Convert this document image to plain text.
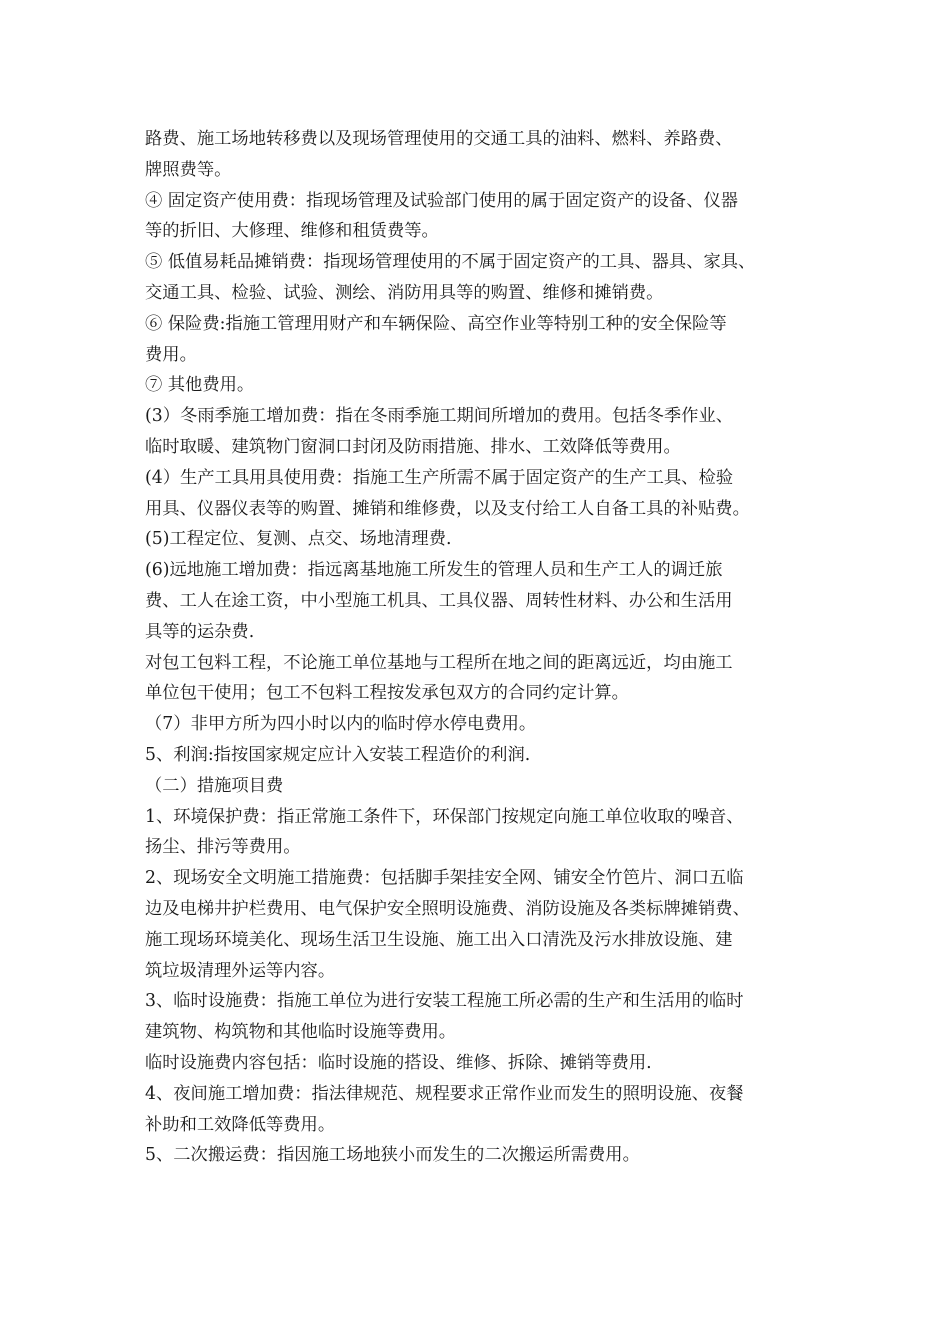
路费、施工场地转移费以及现场管理使用的交通工具的油料、燃料、养路费、
牌照费等。
④ 固定资产使用费：指现场管理及试验部门使用的属于固定资产的设备、仪器
等的折旧、大修理、维修和租赁费等。
⑤ 低值易耗品摊销费：指现场管理使用的不属于固定资产的工具、器具、家具、
交通工具、检验、试验、测绘、消防用具等的购置、维修和摊销费。
⑥ 保险费:指施工管理用财产和车辆保险、高空作业等特别工种的安全保险等
费用。
⑦ 其他费用。
(3）冬雨季施工增加费：指在冬雨季施工期间所增加的费用。包括冬季作业、
临时取暖、建筑物门窗洞口封闭及防雨措施、排水、工效降低等费用。
(4）生产工具用具使用费：指施工生产所需不属于固定资产的生产工具、检验
用具、仪器仪表等的购置、摊销和维修费，以及支付给工人自备工具的补贴费。
(5)工程定位、复测、点交、场地清理费.
(6)远地施工增加费：指远离基地施工所发生的管理人员和生产工人的调迁旅
费、工人在途工资，中小型施工机具、工具仪器、周转性材料、办公和生活用
具等的运杂费.
对包工包料工程，不论施工单位基地与工程所在地之间的距离远近，均由施工
单位包干使用；包工不包料工程按发承包双方的合同约定计算。
（7）非甲方所为四小时以内的临时停水停电费用。
5、利润:指按国家规定应计入安装工程造价的利润.
（二）措施项目费
1、环境保护费：指正常施工条件下，环保部门按规定向施工单位收取的噪音、
扬尘、排污等费用。
2、现场安全文明施工措施费：包括脚手架挂安全网、铺安全竹笆片、洞口五临
边及电梯井护栏费用、电气保护安全照明设施费、消防设施及各类标牌摊销费、
施工现场环境美化、现场生活卫生设施、施工出入口清洗及污水排放设施、建
筑垃圾清理外运等内容。
3、临时设施费：指施工单位为进行安装工程施工所必需的生产和生活用的临时
建筑物、构筑物和其他临时设施等费用。
临时设施费内容包括：临时设施的搭设、维修、拆除、摊销等费用.
4、夜间施工增加费：指法律规范、规程要求正常作业而发生的照明设施、夜餐
补助和工效降低等费用。
5、二次搬运费：指因施工场地狭小而发生的二次搬运所需费用。
